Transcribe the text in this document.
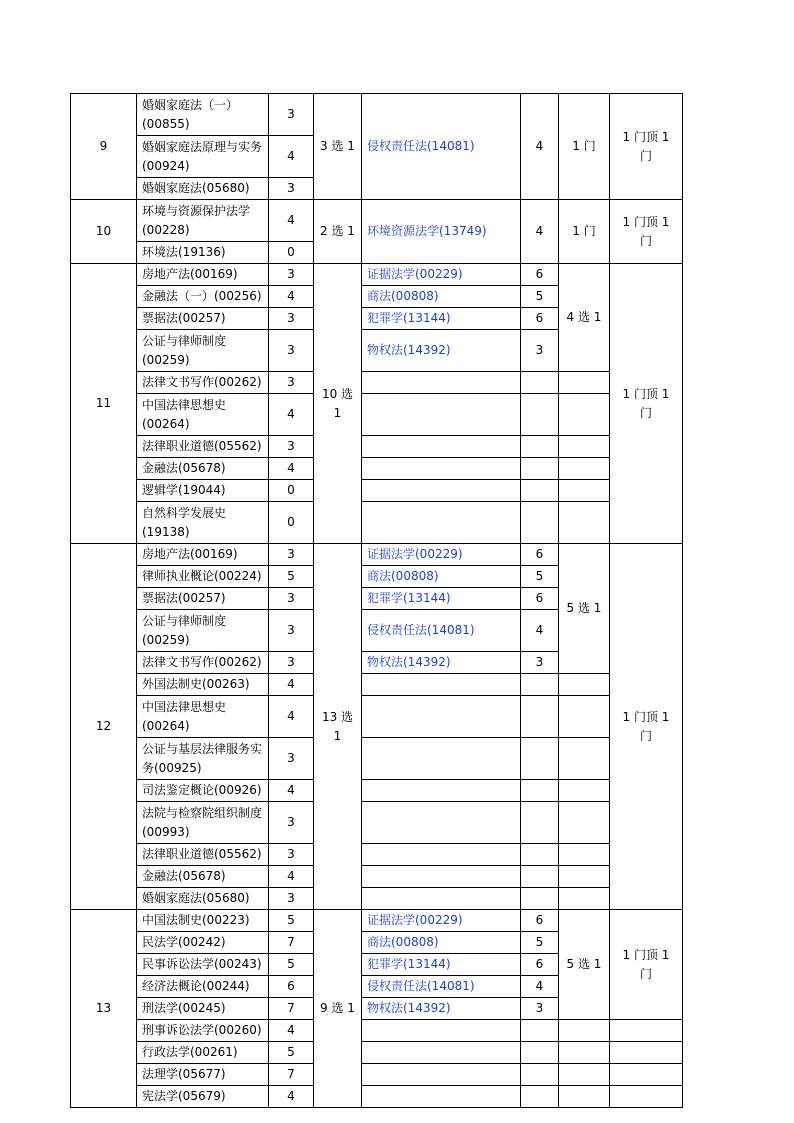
9	婚姻家庭法（一）(00855)	3	3 选 1	侵权责任法(14081)	4	1 门	1 门顶 1 门
	婚姻家庭法原理与实务(00924)	4					
	婚姻家庭法(05680)	3					
10	环境与资源保护法学(00228)	4	2 选 1	环境资源法学(13749)	4	1 门	1 门顶 1 门
	环境法(19136)	0					
11	房地产法(00169)	3	10 选 1	证据法学(00229)	6	4 选 1	1 门顶 1 门
	金融法（一）(00256)	4		商法(00808)	5		
	票据法(00257)	3		犯罪学(13144)	6		
	公证与律师制度(00259)	3		物权法(14392)	3		
	法律文书写作(00262)	3					
	中国法律思想史(00264)	4					
	法律职业道德(05562)	3					
	金融法(05678)	4					
	逻辑学(19044)	0					
	自然科学发展史(19138)	0					
12	房地产法(00169)	3	13 选 1	证据法学(00229)	6	5 选 1	1 门顶 1 门
	律师执业概论(00224)	5		商法(00808)	5		
	票据法(00257)	3		犯罪学(13144)	6		
	公证与律师制度(00259)	3		侵权责任法(14081)	4		
	法律文书写作(00262)	3		物权法(14392)	3		
	外国法制史(00263)	4					
	中国法律思想史(00264)	4					
	公证与基层法律服务实务(00925)	3					
	司法鉴定概论(00926)	4					
	法院与检察院组织制度(00993)	3					
	法律职业道德(05562)	3					
	金融法(05678)	4					
	婚姻家庭法(05680)	3					
13	中国法制史(00223)	5	9 选 1	证据法学(00229)	6	5 选 1	1 门顶 1 门
	民法学(00242)	7		商法(00808)	5		
	民事诉讼法学(00243)	5		犯罪学(13144)	6		
	经济法概论(00244)	6		侵权责任法(14081)	4		
	刑法学(00245)	7		物权法(14392)	3		
	刑事诉讼法学(00260)	4					
	行政法学(00261)	5					
	法理学(05677)	7					
	宪法学(05679)	4					
